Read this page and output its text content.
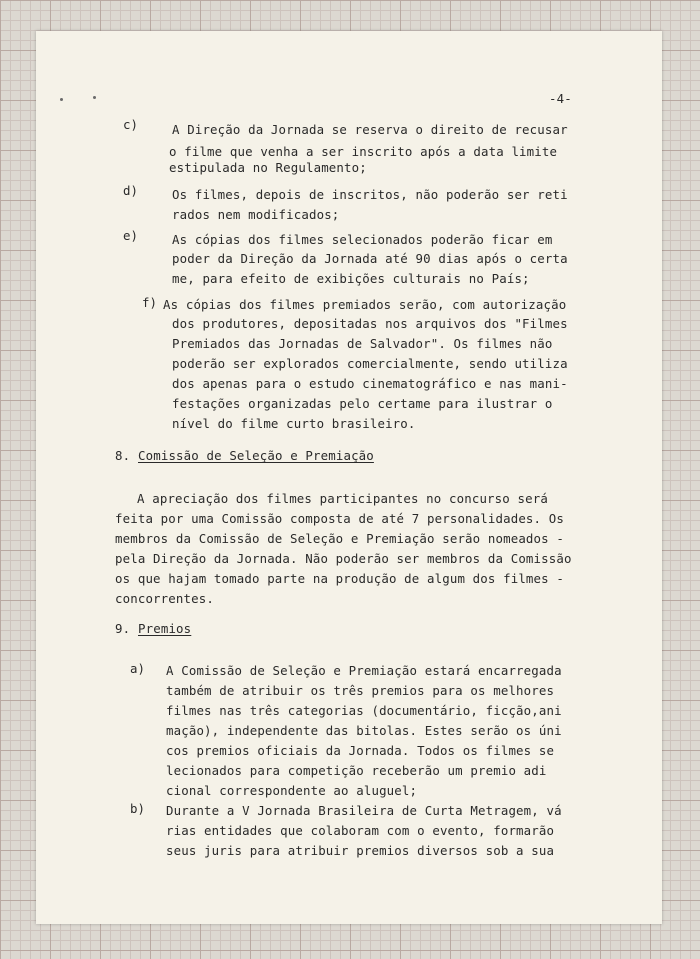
-4-
c)	A Direção da Jornada se reserva o direito de recusar
o filme que venha a ser inscrito após a data limite
estipulada no Regulamento;
d)	Os filmes, depois de inscritos, não poderão ser reti
rados nem modificados;
e)	As cópias dos filmes selecionados poderão ficar em
poder da Direção da Jornada até 90 dias após o certa
me, para efeito de exibições culturais no País;
f) As cópias dos filmes premiados serão, com autorização
dos produtores, depositadas nos arquivos dos "Filmes
Premiados das Jornadas de Salvador". Os filmes não
poderão ser explorados comercialmente, sendo utiliza
dos apenas para o estudo cinematográfico e nas mani-
festações organizadas pelo certame para ilustrar o
nível do filme curto brasileiro.
8. Comissão de Seleção e Premiação
A apreciação dos filmes participantes no concurso será
feita por uma Comissão composta de até 7 personalidades. Os
membros da Comissão de Seleção e Premiação serão nomeados -
pela Direção da Jornada. Não poderão ser membros da Comissão
os que hajam tomado parte na produção de algum dos filmes -
concorrentes.
9. Premios
a) A Comissão de Seleção e Premiação estará encarregada
também de atribuir os três premios para os melhores
filmes nas três categorias (documentário, ficção,ani
mação), independente das bitolas. Estes serão os úni
cos premios oficiais da Jornada. Todos os filmes se
lecionados para competição receberão um premio adi
cional correspondente ao aluguel;
b) Durante a V Jornada Brasileira de Curta Metragem, vá
rias entidades que colaboram com o evento, formarão
seus juris para atribuir premios diversos sob a sua
